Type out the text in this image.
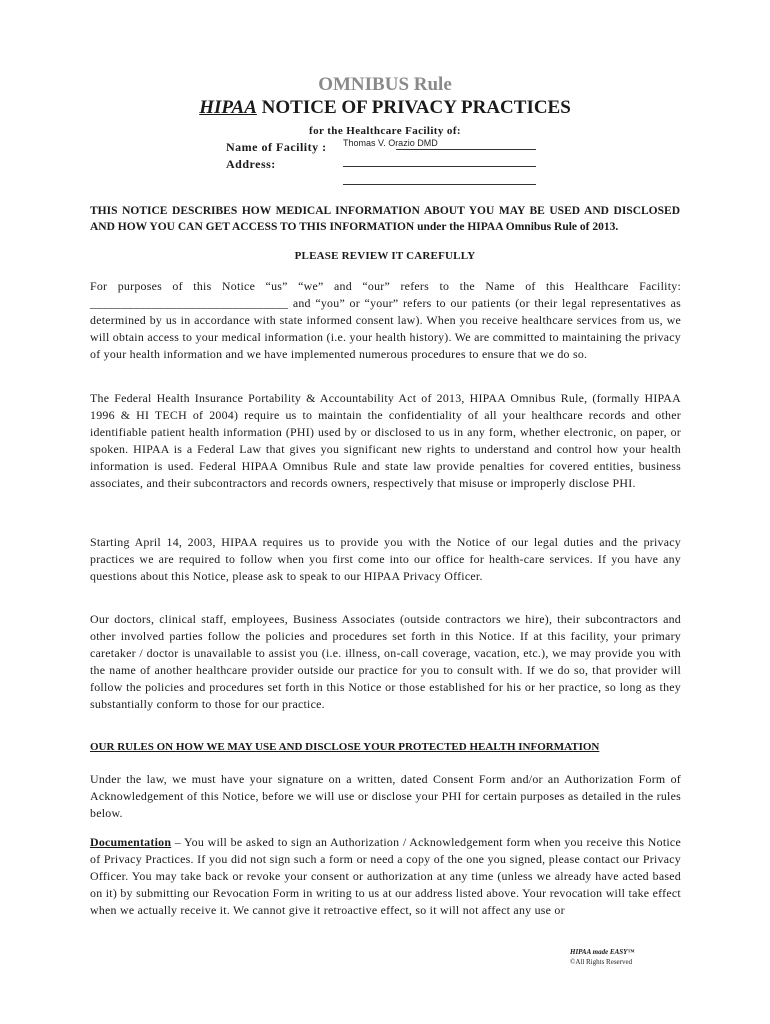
OMNIBUS Rule
HIPAA NOTICE OF PRIVACY PRACTICES
for the Healthcare Facility of:
Name of Facility :	Thomas V. Orazio DMD
Address:
THIS NOTICE DESCRIBES HOW MEDICAL INFORMATION ABOUT YOU MAY BE USED AND DISCLOSED AND HOW YOU CAN GET ACCESS TO THIS INFORMATION under the HIPAA Omnibus Rule of 2013.
PLEASE REVIEW IT CAREFULLY
For purposes of this Notice “us” “we” and “our” refers to the Name of this Healthcare Facility: ________________________________ and “you” or “your” refers to our patients (or their legal representatives as determined by us in accordance with state informed consent law). When you receive healthcare services from us, we will obtain access to your medical information (i.e. your health history). We are committed to maintaining the privacy of your health information and we have implemented numerous procedures to ensure that we do so.
The Federal Health Insurance Portability & Accountability Act of 2013, HIPAA Omnibus Rule, (formally HIPAA 1996 & HI TECH of 2004) require us to maintain the confidentiality of all your healthcare records and other identifiable patient health information (PHI) used by or disclosed to us in any form, whether electronic, on paper, or spoken. HIPAA is a Federal Law that gives you significant new rights to understand and control how your health information is used. Federal HIPAA Omnibus Rule and state law provide penalties for covered entities, business associates, and their subcontractors and records owners, respectively that misuse or improperly disclose PHI.
Starting April 14, 2003, HIPAA requires us to provide you with the Notice of our legal duties and the privacy practices we are required to follow when you first come into our office for health-care services. If you have any questions about this Notice, please ask to speak to our HIPAA Privacy Officer.
Our doctors, clinical staff, employees, Business Associates (outside contractors we hire), their subcontractors and other involved parties follow the policies and procedures set forth in this Notice. If at this facility, your primary caretaker / doctor is unavailable to assist you (i.e. illness, on-call coverage, vacation, etc.), we may provide you with the name of another healthcare provider outside our practice for you to consult with. If we do so, that provider will follow the policies and procedures set forth in this Notice or those established for his or her practice, so long as they substantially conform to those for our practice.
OUR RULES ON HOW WE MAY USE AND DISCLOSE YOUR PROTECTED HEALTH INFORMATION
Under the law, we must have your signature on a written, dated Consent Form and/or an Authorization Form of Acknowledgement of this Notice, before we will use or disclose your PHI for certain purposes as detailed in the rules below.
Documentation – You will be asked to sign an Authorization / Acknowledgement form when you receive this Notice of Privacy Practices. If you did not sign such a form or need a copy of the one you signed, please contact our Privacy Officer. You may take back or revoke your consent or authorization at any time (unless we already have acted based on it) by submitting our Revocation Form in writing to us at our address listed above. Your revocation will take effect when we actually receive it. We cannot give it retroactive effect, so it will not affect any use or
HIPAA made EASY™
©All Rights Reserved
